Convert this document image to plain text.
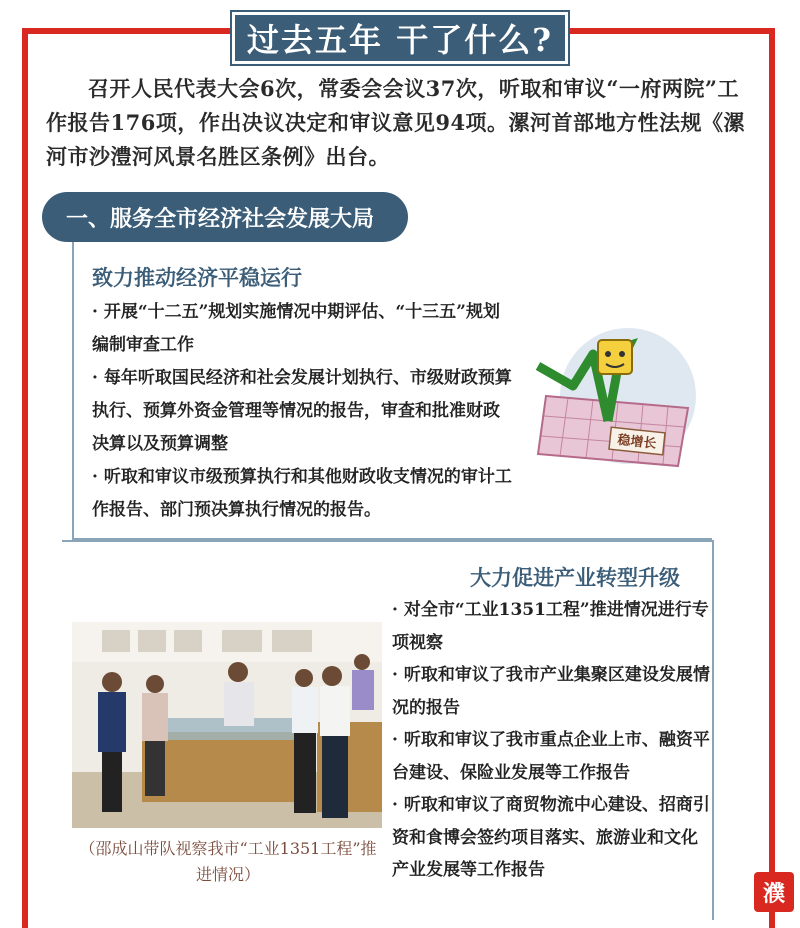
过去五年 干了什么?
召开人民代表大会6次，常委会会议37次，听取和审议“一府两院”工作报告176项，作出决议决定和审议意见94项。漯河首部地方性法规《漯河市沙澧河风景名胜区条例》出台。
一、服务全市经济社会发展大局
致力推动经济平稳运行

· 开展“十二五”规划实施情况中期评估、“十三五”规划编制审查工作

· 每年听取国民经济和社会发展计划执行、市级财政预算执行、预算外资金管理等情况的报告，审查和批准财政决算以及预算调整

· 听取和审议市级预算执行和其他财政收支情况的审计工作报告、部门预决算执行情况的报告。

稳增长
大力促进产业转型升级

· 对全市“工业1351工程”推进情况进行专项视察

· 听取和审议了我市产业集聚区建设发展情况的报告

· 听取和审议了我市重点企业上市、融资平台建设、保险业发展等工作报告

· 听取和审议了商贸物流中心建设、招商引资和食博会签约项目落实、旅游业和文化产业发展等工作报告

（邵成山带队视察我市“工业1351工程”推进情况）
濮
